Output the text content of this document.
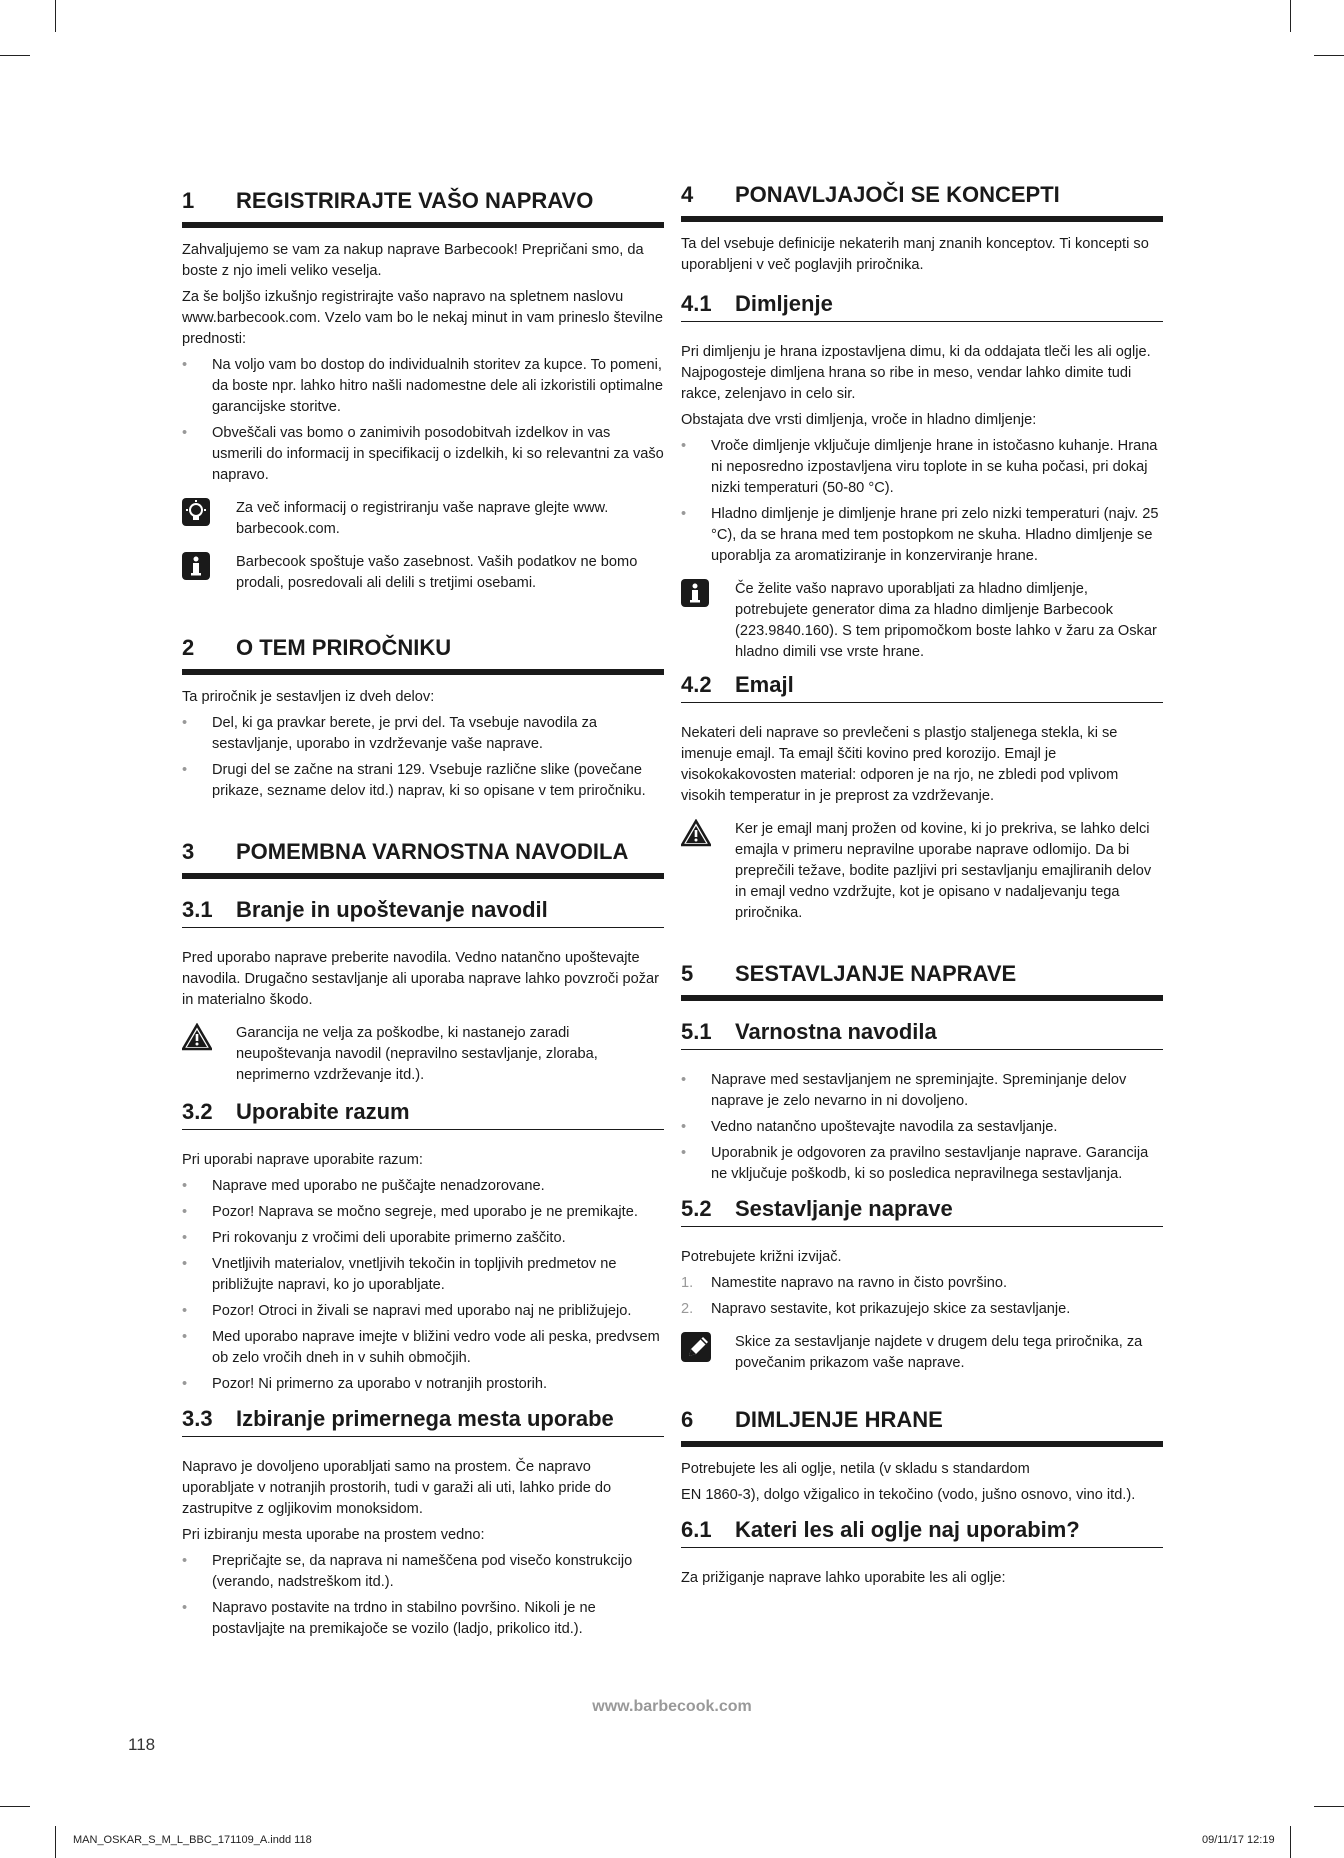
1	REGISTRIRAJTE VAŠO NAPRAVO

Zahvaljujemo se vam za nakup naprave Barbecook! Prepričani smo, da boste z njo imeli veliko veselja.

Za še boljšo izkušnjo registrirajte vašo napravo na spletnem naslovu www.barbecook.com. Vzelo vam bo le nekaj minut in vam prineslo številne prednosti:

•	Na voljo vam bo dostop do individualnih storitev za kupce. To pomeni, da boste npr. lahko hitro našli nadomestne dele ali izkoristili optimalne garancijske storitve.
•	Obveščali vas bomo o zanimivih posodobitvah izdelkov in vas usmerili do informacij in specifikacij o izdelkih, ki so relevantni za vašo napravo.
Za več informacij o registriranju vaše naprave glejte www. barbecook.com.
Barbecook spoštuje vašo zasebnost. Vaših podatkov ne bomo prodali, posredovali ali delili s tretjimi osebami.
2	O TEM PRIROČNIKU

Ta priročnik je sestavljen iz dveh delov:

•	Del, ki ga pravkar berete, je prvi del. Ta vsebuje navodila za sestavljanje, uporabo in vzdrževanje vaše naprave.
•	Drugi del se začne na strani 129. Vsebuje različne slike (povečane prikaze, sezname delov itd.) naprav, ki so opisane v tem priročniku.
3	POMEMBNA VARNOSTNA NAVODILA
3.1	Branje in upoštevanje navodil

Pred uporabo naprave preberite navodila. Vedno natančno upoštevajte navodila. Drugačno sestavljanje ali uporaba naprave lahko povzroči požar in materialno škodo.

Garancija ne velja za poškodbe, ki nastanejo zaradi neupoštevanja navodil (nepravilno sestavljanje, zloraba, neprimerno vzdrževanje itd.).
3.2	Uporabite razum

Pri uporabi naprave uporabite razum:

•	Naprave med uporabo ne puščajte nenadzorovane.
•	Pozor! Naprava se močno segreje, med uporabo je ne premikajte.
•	Pri rokovanju z vročimi deli uporabite primerno zaščito.
•	Vnetljivih materialov, vnetljivih tekočin in topljivih predmetov ne približujte napravi, ko jo uporabljate.
•	Pozor! Otroci in živali se napravi med uporabo naj ne približujejo.
•	Med uporabo naprave imejte v bližini vedro vode ali peska, predvsem ob zelo vročih dneh in v suhih območjih.
•	Pozor! Ni primerno za uporabo v notranjih prostorih.
3.3	Izbiranje primernega mesta uporabe

Napravo je dovoljeno uporabljati samo na prostem. Če napravo uporabljate v notranjih prostorih, tudi v garaži ali uti, lahko pride do zastrupitve z ogljikovim monoksidom.

Pri izbiranju mesta uporabe na prostem vedno:

•	Prepričajte se, da naprava ni nameščena pod visečo konstrukcijo (verando, nadstreškom itd.).
•	Napravo postavite na trdno in stabilno površino. Nikoli je ne postavljajte na premikajoče se vozilo (ladjo, prikolico itd.).
4	PONAVLJAJOČI SE KONCEPTI

Ta del vsebuje definicije nekaterih manj znanih konceptov. Ti koncepti so uporabljeni v več poglavjih priročnika.

4.1	Dimljenje

Pri dimljenju je hrana izpostavljena dimu, ki da oddajata tleči les ali oglje. Najpogosteje dimljena hrana so ribe in meso, vendar lahko dimite tudi rakce, zelenjavo in celo sir.

Obstajata dve vrsti dimljenja, vroče in hladno dimljenje:

•	Vroče dimljenje vključuje dimljenje hrane in istočasno kuhanje. Hrana ni neposredno izpostavljena viru toplote in se kuha počasi, pri dokaj nizki temperaturi (50-80 °C).
•	Hladno dimljenje je dimljenje hrane pri zelo nizki temperaturi (najv. 25 °C), da se hrana med tem postopkom ne skuha. Hladno dimljenje se uporablja za aromatiziranje in konzerviranje hrane.
Če želite vašo napravo uporabljati za hladno dimljenje, potrebujete generator dima za hladno dimljenje Barbecook (223.9840.160). S tem pripomočkom boste lahko v žaru za Oskar hladno dimili vse vrste hrane.
4.2	Emajl

Nekateri deli naprave so prevlečeni s plastjo staljenega stekla, ki se imenuje emajl. Ta emajl ščiti kovino pred korozijo. Emajl je visokokakovosten material: odporen je na rjo, ne zbledi pod vplivom visokih temperatur in je preprost za vzdrževanje.

Ker je emajl manj prožen od kovine, ki jo prekriva, se lahko delci emajla v primeru nepravilne uporabe naprave odlomijo. Da bi preprečili težave, bodite pazljivi pri sestavljanju emajliranih delov in emajl vedno vzdržujte, kot je opisano v nadaljevanju tega priročnika.
5	SESTAVLJANJE NAPRAVE
5.1	Varnostna navodila
•	Naprave med sestavljanjem ne spreminjajte. Spreminjanje delov naprave je zelo nevarno in ni dovoljeno.
•	Vedno natančno upoštevajte navodila za sestavljanje.
•	Uporabnik je odgovoren za pravilno sestavljanje naprave. Garancija ne vključuje poškodb, ki so posledica nepravilnega sestavljanja.
5.2	Sestavljanje naprave

Potrebujete križni izvijač.

1.	Namestite napravo na ravno in čisto površino.
2.	Napravo sestavite, kot prikazujejo skice za sestavljanje.
Skice za sestavljanje najdete v drugem delu tega priročnika, za povečanim prikazom vaše naprave.
6	DIMLJENJE HRANE

Potrebujete les ali oglje, netila (v skladu s standardom

EN 1860-3), dolgo vžigalico in tekočino (vodo, jušno osnovo, vino itd.).

6.1	Kateri les ali oglje naj uporabim?

Za prižiganje naprave lahko uporabite les ali oglje:

www.barbecook.com
118
MAN_OSKAR_S_M_L_BBC_171109_A.indd 118	09/11/17 12:19
